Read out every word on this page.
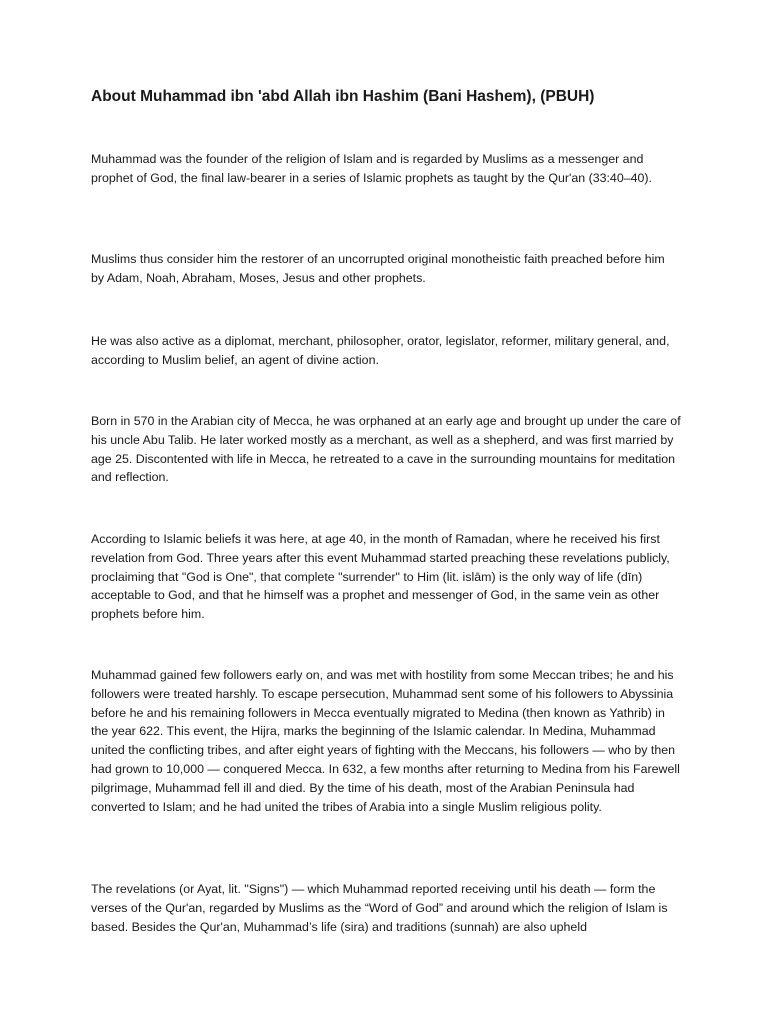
About Muhammad ibn 'abd Allah ibn Hashim (Bani Hashem), (PBUH)

Muhammad was the founder of the religion of Islam and is regarded by Muslims as a messenger and prophet of God, the final law-bearer in a series of Islamic prophets as taught by the Qur'an (33:40–40).

Muslims thus consider him the restorer of an uncorrupted original monotheistic faith preached before him by Adam, Noah, Abraham, Moses, Jesus and other prophets.

He was also active as a diplomat, merchant, philosopher, orator, legislator, reformer, military general, and, according to Muslim belief, an agent of divine action.

Born in 570 in the Arabian city of Mecca, he was orphaned at an early age and brought up under the care of his uncle Abu Talib. He later worked mostly as a merchant, as well as a shepherd, and was first married by age 25. Discontented with life in Mecca, he retreated to a cave in the surrounding mountains for meditation and reflection.

According to Islamic beliefs it was here, at age 40, in the month of Ramadan, where he received his first revelation from God. Three years after this event Muhammad started preaching these revelations publicly, proclaiming that "God is One", that complete "surrender" to Him (lit. islām) is the only way of life (dīn) acceptable to God, and that he himself was a prophet and messenger of God, in the same vein as other prophets before him.

Muhammad gained few followers early on, and was met with hostility from some Meccan tribes; he and his followers were treated harshly. To escape persecution, Muhammad sent some of his followers to Abyssinia before he and his remaining followers in Mecca eventually migrated to Medina (then known as Yathrib) in the year 622. This event, the Hijra, marks the beginning of the Islamic calendar. In Medina, Muhammad united the conflicting tribes, and after eight years of fighting with the Meccans, his followers — who by then had grown to 10,000 — conquered Mecca. In 632, a few months after returning to Medina from his Farewell pilgrimage, Muhammad fell ill and died. By the time of his death, most of the Arabian Peninsula had converted to Islam; and he had united the tribes of Arabia into a single Muslim religious polity.

The revelations (or Ayat, lit. "Signs") — which Muhammad reported receiving until his death — form the verses of the Qur'an, regarded by Muslims as the “Word of God” and around which the religion of Islam is based. Besides the Qur'an, Muhammad’s life (sira) and traditions (sunnah) are also upheld
